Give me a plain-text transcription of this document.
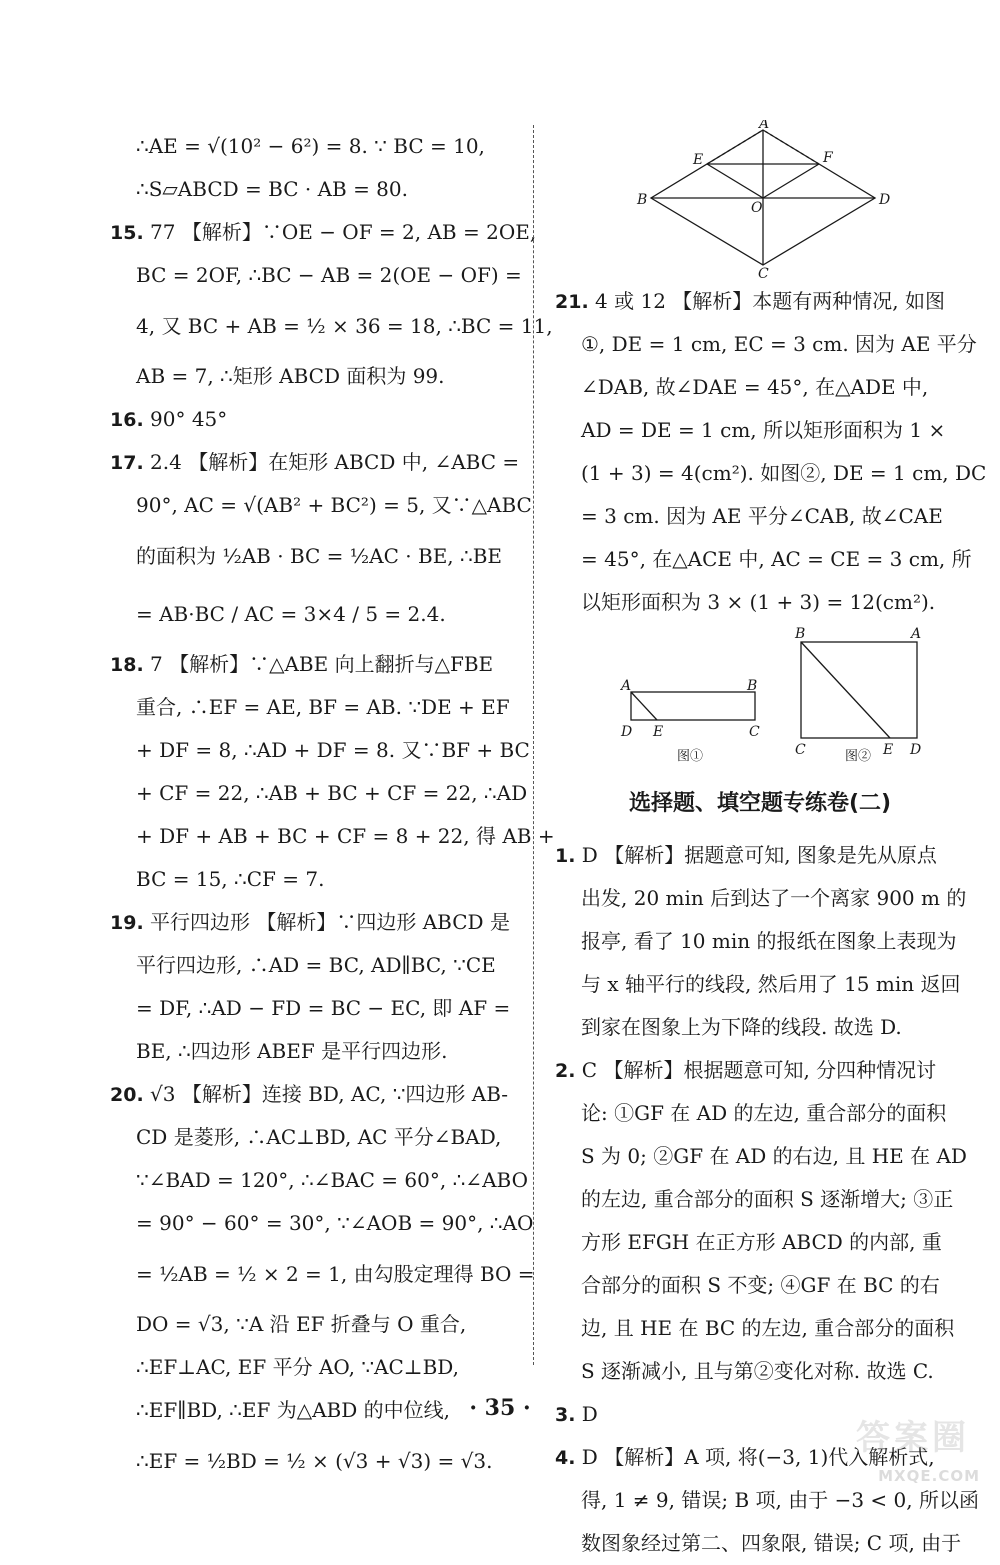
∴AE = √(10² − 6²) = 8. ∵ BC = 10,
∴S▱ABCD = BC · AB = 80.
15. 77 【解析】∵OE − OF = 2, AB = 2OE,
BC = 2OF, ∴BC − AB = 2(OE − OF) =
4, 又 BC + AB = ½ × 36 = 18, ∴BC = 11,
AB = 7, ∴矩形 ABCD 面积为 99.
16. 90° 45°
17. 2.4 【解析】在矩形 ABCD 中, ∠ABC =
90°, AC = √(AB² + BC²) = 5, 又∵△ABC
的面积为 ½AB · BC = ½AC · BE, ∴BE
= AB·BC / AC = 3×4 / 5 = 2.4.
18. 7 【解析】∵△ABE 向上翻折与△FBE
重合, ∴EF = AE, BF = AB. ∵DE + EF
+ DF = 8, ∴AD + DF = 8. 又∵BF + BC
+ CF = 22, ∴AB + BC + CF = 22, ∴AD
+ DF + AB + BC + CF = 8 + 22, 得 AB +
BC = 15, ∴CF = 7.
19. 平行四边形 【解析】∵四边形 ABCD 是
平行四边形, ∴AD = BC, AD∥BC, ∵CE
= DF, ∴AD − FD = BC − EC, 即 AF =
BE, ∴四边形 ABEF 是平行四边形.
20. √3 【解析】连接 BD, AC, ∵四边形 AB-
CD 是菱形, ∴AC⊥BD, AC 平分∠BAD,
∵∠BAD = 120°, ∴∠BAC = 60°, ∴∠ABO
= 90° − 60° = 30°, ∵∠AOB = 90°, ∴AO
= ½AB = ½ × 2 = 1, 由勾股定理得 BO =
DO = √3, ∵A 沿 EF 折叠与 O 重合,
∴EF⊥AC, EF 平分 AO, ∵AC⊥BD,
∴EF∥BD, ∴EF 为△ABD 的中位线,
∴EF = ½BD = ½ × (√3 + √3) = √3.
A
E	F
B	O	D
C
21. 4 或 12 【解析】本题有两种情况, 如图
①, DE = 1 cm, EC = 3 cm. 因为 AE 平分
∠DAB, 故∠DAE = 45°, 在△ADE 中,
AD = DE = 1 cm, 所以矩形面积为 1 ×
(1 + 3) = 4(cm²). 如图②, DE = 1 cm, DC
= 3 cm. 因为 AE 平分∠CAB, 故∠CAE
= 45°, 在△ACE 中, AC = CE = 3 cm, 所
以矩形面积为 3 × (1 + 3) = 12(cm²).
A	B
D E	C
图①
B	A
C	E D
图②
选择题、填空题专练卷(二)
1. D 【解析】据题意可知, 图象是先从原点
出发, 20 min 后到达了一个离家 900 m 的
报亭, 看了 10 min 的报纸在图象上表现为
与 x 轴平行的线段, 然后用了 15 min 返回
到家在图象上为下降的线段. 故选 D.
2. C 【解析】根据题意可知, 分四种情况讨
论: ①GF 在 AD 的左边, 重合部分的面积
S 为 0; ②GF 在 AD 的右边, 且 HE 在 AD
的左边, 重合部分的面积 S 逐渐增大; ③正
方形 EFGH 在正方形 ABCD 的内部, 重
合部分的面积 S 不变; ④GF 在 BC 的右
边, 且 HE 在 BC 的左边, 重合部分的面积
S 逐渐减小, 且与第②变化对称. 故选 C.
3. D
4. D 【解析】A 项, 将(−3, 1)代入解析式,
得, 1 ≠ 9, 错误; B 项, 由于 −3 < 0, 所以函
数图象经过第二、四象限, 错误; C 项, 由于
· 35 ·
答案圈
MXQE.COM
